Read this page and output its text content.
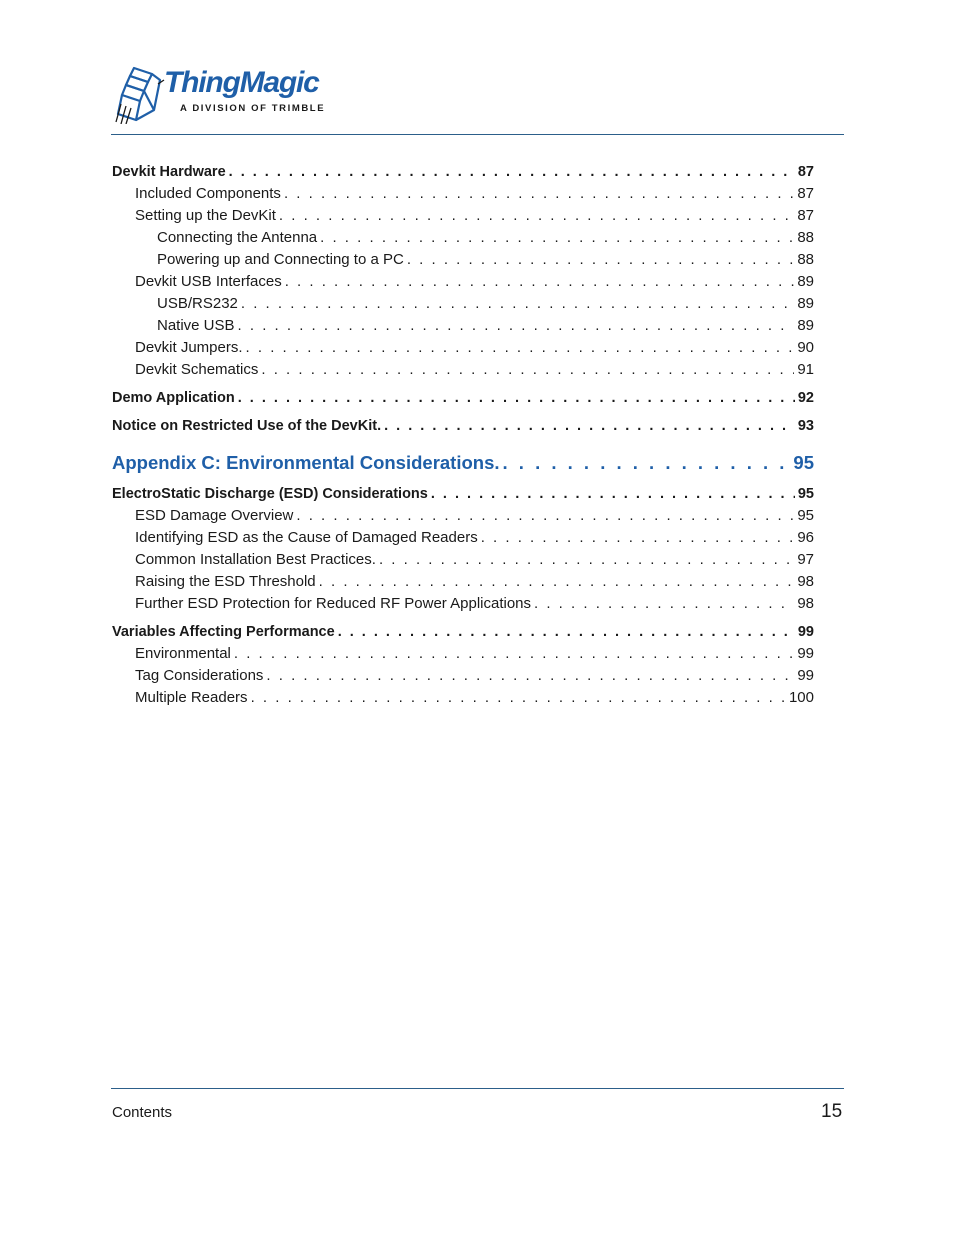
ThingMagic
A DIVISION OF TRIMBLE
Devkit Hardware . . .	87
Included Components . . .	87
Setting up the DevKit . . .	87
Connecting the Antenna . . .	88
Powering up and Connecting to a PC . . .	88
Devkit USB Interfaces . . .	89
USB/RS232 . . .	89
Native USB . . .	89
Devkit Jumpers. . . .	90
Devkit Schematics . . .	91
Demo Application . . .	92
Notice on Restricted Use of the DevKit. . . .	93
Appendix C: Environmental Considerations. . . .	95
ElectroStatic Discharge (ESD) Considerations . . .	95
ESD Damage Overview . . .	95
Identifying ESD as the Cause of Damaged Readers . . .	96
Common Installation Best Practices. . . .	97
Raising the ESD Threshold . . .	98
Further ESD Protection for Reduced RF Power Applications . . .	98
Variables Affecting Performance . . .	99
Environmental . . .	99
Tag Considerations . . .	99
Multiple Readers . . .	100
Contents	15
